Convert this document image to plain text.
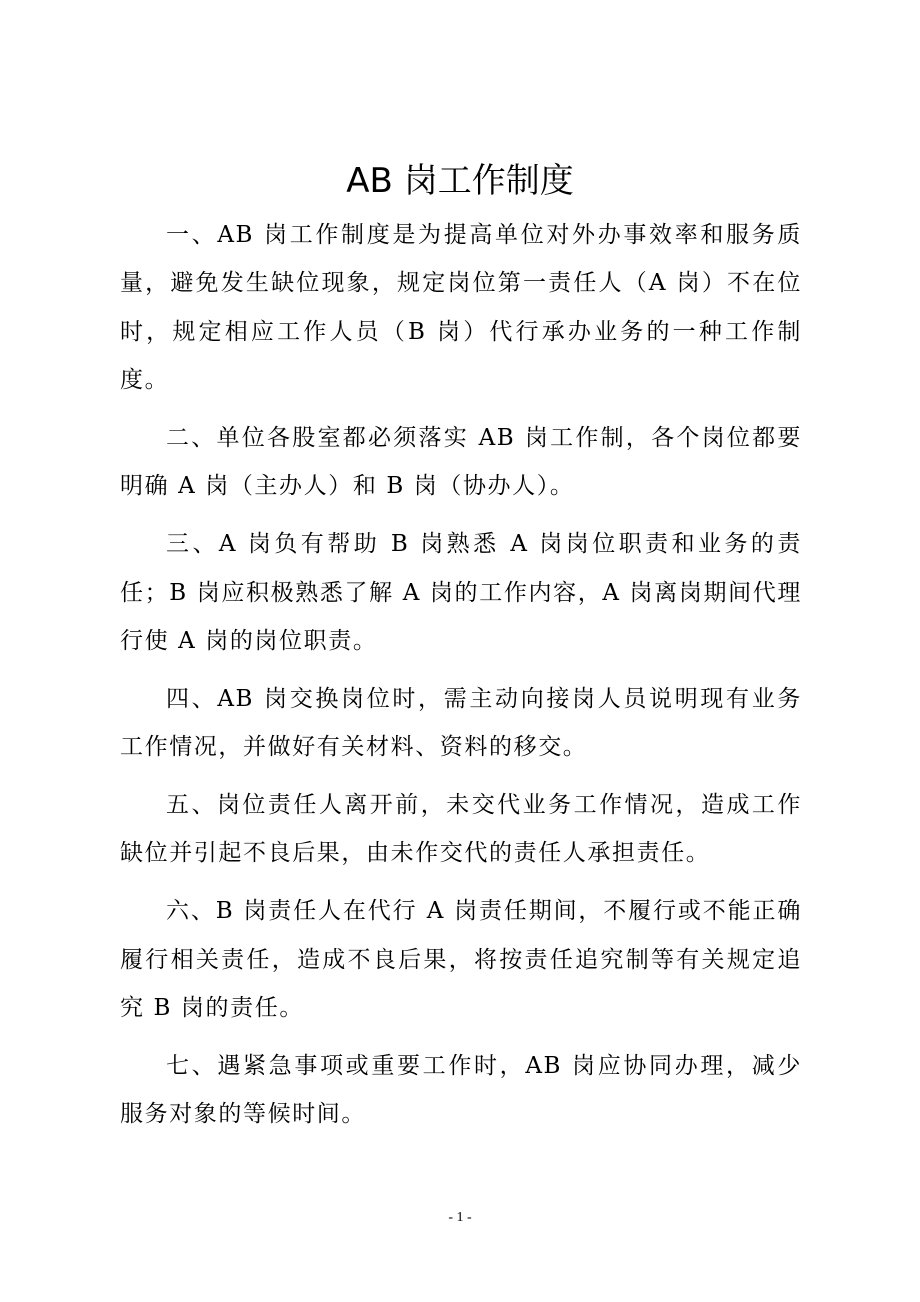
AB 岗工作制度

一、AB 岗工作制度是为提高单位对外办事效率和服务质量，避免发生缺位现象，规定岗位第一责任人（A 岗）不在位时，规定相应工作人员（B 岗）代行承办业务的一种工作制度。

二、单位各股室都必须落实 AB 岗工作制，各个岗位都要明确 A 岗（主办人）和 B 岗（协办人）。

三、A 岗负有帮助 B 岗熟悉 A 岗岗位职责和业务的责任；B 岗应积极熟悉了解 A 岗的工作内容，A 岗离岗期间代理行使 A 岗的岗位职责。

四、AB 岗交换岗位时，需主动向接岗人员说明现有业务工作情况，并做好有关材料、资料的移交。

五、岗位责任人离开前，未交代业务工作情况，造成工作缺位并引起不良后果，由未作交代的责任人承担责任。

六、B 岗责任人在代行 A 岗责任期间，不履行或不能正确履行相关责任，造成不良后果，将按责任追究制等有关规定追究 B 岗的责任。

七、遇紧急事项或重要工作时，AB 岗应协同办理，减少服务对象的等候时间。

- 1 -
